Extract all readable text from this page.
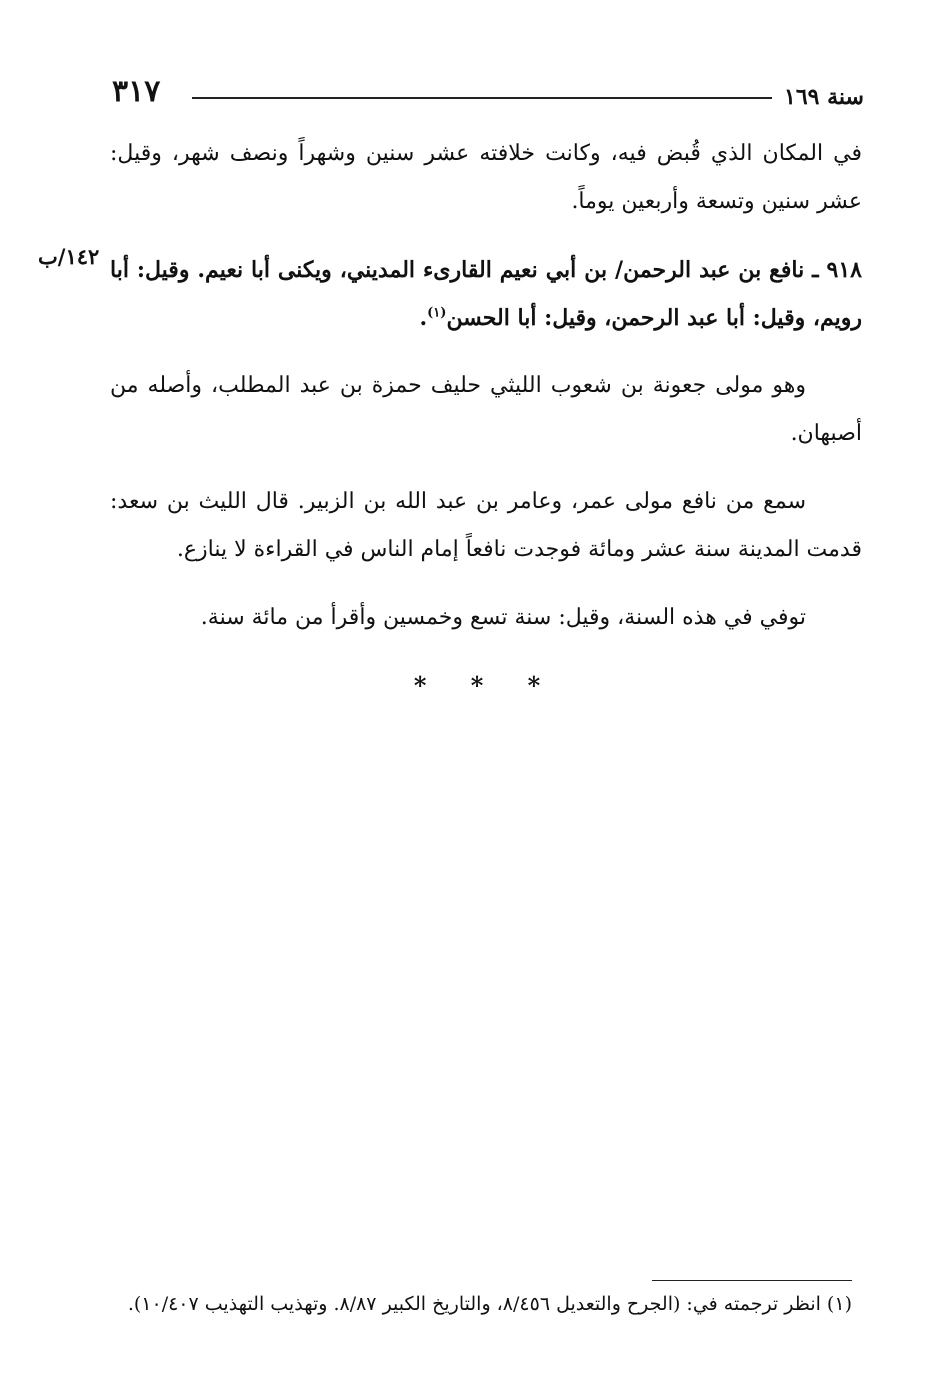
سنة ١٦٩
٣١٧

في المكان الذي قُبض فيه، وكانت خلافته عشر سنين وشهراً ونصف شهر، وقيل: عشر سنين وتسعة وأربعين يوماً.

٩١٨ ـ نافع بن عبد الرحمن/ بن أبي نعيم القارىء المديني، ويكنى أبا نعيم. وقيل: أبا رويم، وقيل: أبا عبد الرحمن، وقيل: أبا الحسن$^{(١)}$.

وهو مولى جعونة بن شعوب الليثي حليف حمزة بن عبد المطلب، وأصله من أصبهان.

سمع من نافع مولى عمر، وعامر بن عبد الله بن الزبير. قال الليث بن سعد: قدمت المدينة سنة عشر ومائة فوجدت نافعاً إمام الناس في القراءة لا ينازع.

توفي في هذه السنة، وقيل: سنة تسع وخمسين وأقرأ من مائة سنة.

* * *
١٤٢/ب
(١) انظر ترجمته في: (الجرح والتعديل ٨/٤٥٦، والتاريخ الكبير ٨/٨٧. وتهذيب التهذيب ١٠/٤٠٧).
